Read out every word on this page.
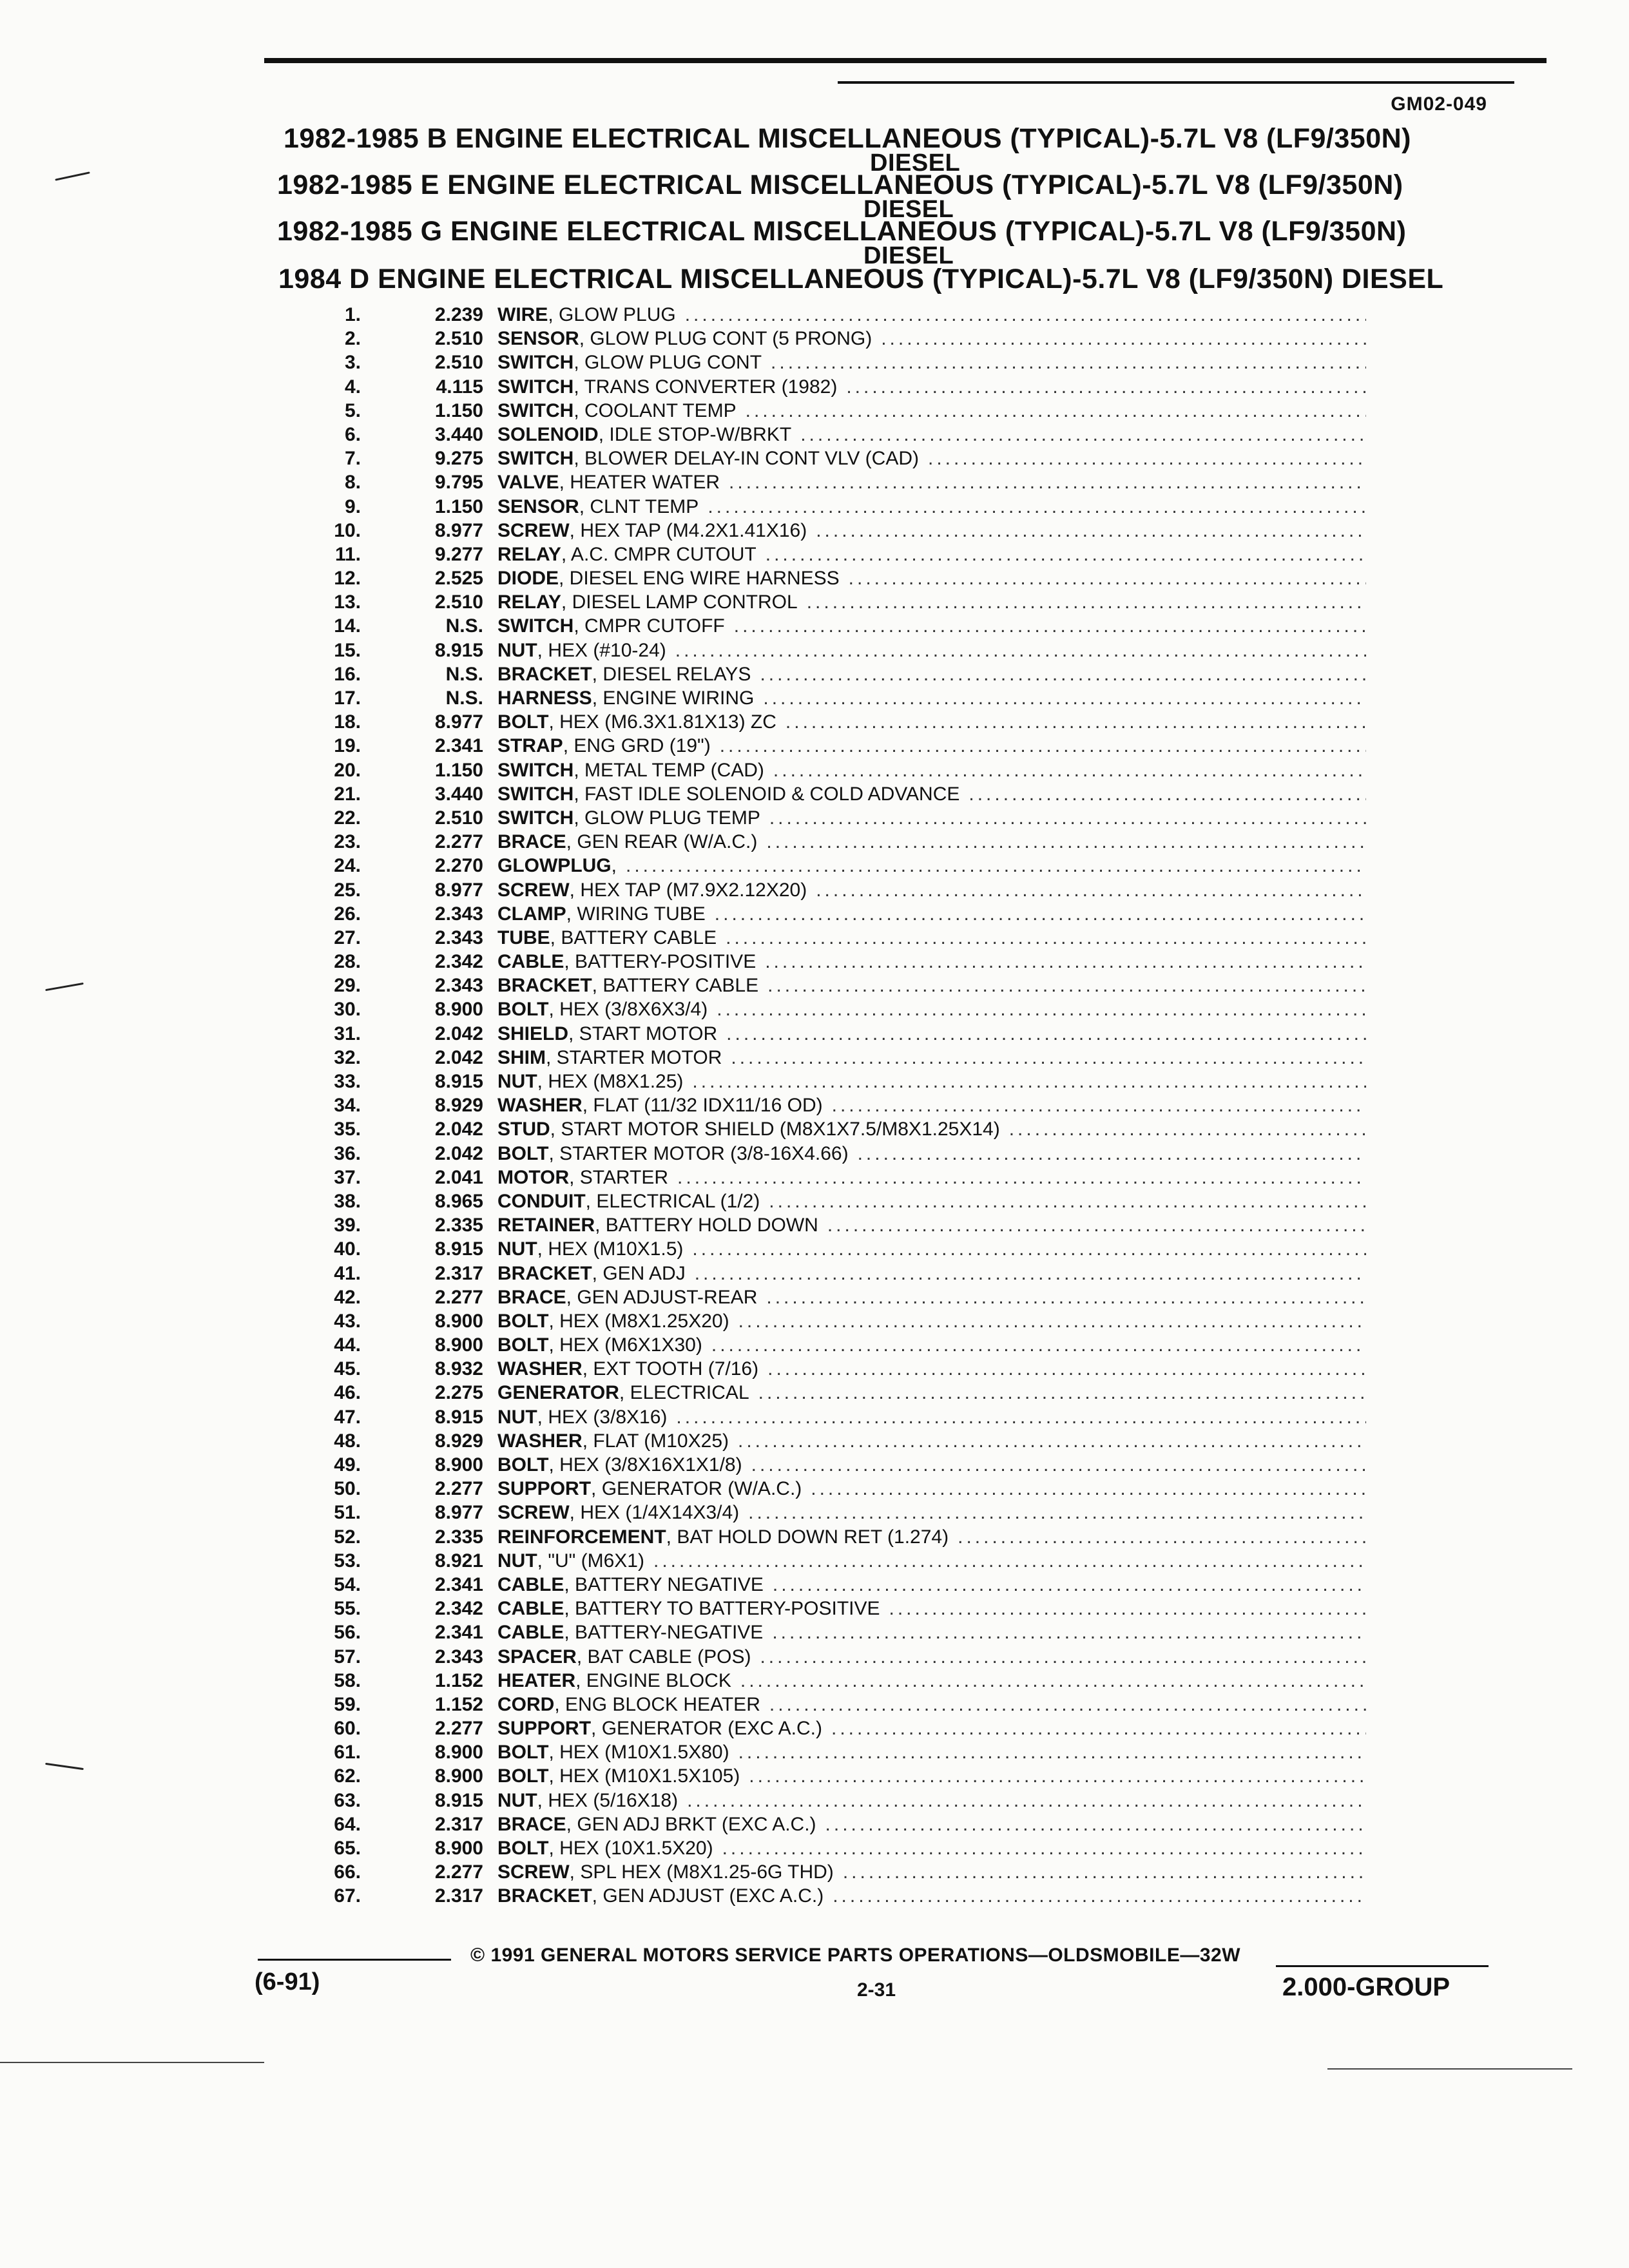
GM02-049
1982-1985 B ENGINE ELECTRICAL MISCELLANEOUS (TYPICAL)-5.7L V8 (LF9/350N)
DIESEL
1982-1985 E ENGINE ELECTRICAL MISCELLANEOUS (TYPICAL)-5.7L V8 (LF9/350N)
DIESEL
1982-1985 G ENGINE ELECTRICAL MISCELLANEOUS (TYPICAL)-5.7L V8 (LF9/350N)
DIESEL
1984 D ENGINE ELECTRICAL MISCELLANEOUS (TYPICAL)-5.7L V8 (LF9/350N) DIESEL
1.	2.239 WIRE , GLOW PLUG
.....
2.	2.510 SENSOR , GLOW PLUG CONT (5 PRONG)
.....
3.	2.510 SWITCH , GLOW PLUG CONT
.....
4.	4.115 SWITCH , TRANS CONVERTER (1982)
.....
5.	1.150 SWITCH , COOLANT TEMP
.....
6.	3.440 SOLENOID , IDLE STOP-W/BRKT
.....
7.	9.275 SWITCH , BLOWER DELAY-IN CONT VLV (CAD)
.....
8.	9.795 VALVE , HEATER WATER
.....
9.	1.150 SENSOR , CLNT TEMP
.....
10.	8.977 SCREW , HEX TAP (M4.2X1.41X16)
.....
11.	9.277 RELAY , A.C. CMPR CUTOUT
.....
12.	2.525 DIODE , DIESEL ENG WIRE HARNESS
.....
13.	2.510 RELAY , DIESEL LAMP CONTROL
.....
14.	N.S. SWITCH , CMPR CUTOFF
.....
15.	8.915 NUT , HEX (#10-24)
.....
16.	N.S. BRACKET , DIESEL RELAYS
.....
17.	N.S. HARNESS , ENGINE WIRING
.....
18.	8.977 BOLT , HEX (M6.3X1.81X13) ZC
.....
19.	2.341 STRAP , ENG GRD (19")
.....
20.	1.150 SWITCH , METAL TEMP (CAD)
.....
21.	3.440 SWITCH , FAST IDLE SOLENOID & COLD ADVANCE
.....
22.	2.510 SWITCH , GLOW PLUG TEMP
.....
23.	2.277 BRACE , GEN REAR (W/A.C.)
.....
24.	2.270 GLOWPLUG ,
.....
25.	8.977 SCREW , HEX TAP (M7.9X2.12X20)
.....
26.	2.343 CLAMP , WIRING TUBE
.....
27.	2.343 TUBE , BATTERY CABLE
.....
28.	2.342 CABLE , BATTERY-POSITIVE
.....
29.	2.343 BRACKET , BATTERY CABLE
.....
30.	8.900 BOLT , HEX (3/8X6X3/4)
.....
31.	2.042 SHIELD , START MOTOR
.....
32.	2.042 SHIM , STARTER MOTOR
.....
33.	8.915 NUT , HEX (M8X1.25)
.....
34.	8.929 WASHER , FLAT (11/32 IDX11/16 OD)
.....
35.	2.042 STUD , START MOTOR SHIELD (M8X1X7.5/M8X1.25X14)
.....
36.	2.042 BOLT , STARTER MOTOR (3/8-16X4.66)
.....
37.	2.041 MOTOR , STARTER
.....
38.	8.965 CONDUIT , ELECTRICAL (1/2)
.....
39.	2.335 RETAINER , BATTERY HOLD DOWN
.....
40.	8.915 NUT , HEX (M10X1.5)
.....
41.	2.317 BRACKET , GEN ADJ
.....
42.	2.277 BRACE , GEN ADJUST-REAR
.....
43.	8.900 BOLT , HEX (M8X1.25X20)
.....
44.	8.900 BOLT , HEX (M6X1X30)
.....
45.	8.932 WASHER , EXT TOOTH (7/16)
.....
46.	2.275 GENERATOR , ELECTRICAL
.....
47.	8.915 NUT , HEX (3/8X16)
.....
48.	8.929 WASHER , FLAT (M10X25)
.....
49.	8.900 BOLT , HEX (3/8X16X1X1/8)
.....
50.	2.277 SUPPORT , GENERATOR (W/A.C.)
.....
51.	8.977 SCREW , HEX (1/4X14X3/4)
.....
52.	2.335 REINFORCEMENT , BAT HOLD DOWN RET (1.274)
.....
53.	8.921 NUT , "U" (M6X1)
.....
54.	2.341 CABLE , BATTERY NEGATIVE
.....
55.	2.342 CABLE , BATTERY TO BATTERY-POSITIVE
.....
56.	2.341 CABLE , BATTERY-NEGATIVE
.....
57.	2.343 SPACER , BAT CABLE (POS)
.....
58.	1.152 HEATER , ENGINE BLOCK
.....
59.	1.152 CORD , ENG BLOCK HEATER
.....
60.	2.277 SUPPORT , GENERATOR (EXC A.C.)
.....
61.	8.900 BOLT , HEX (M10X1.5X80)
.....
62.	8.900 BOLT , HEX (M10X1.5X105)
.....
63.	8.915 NUT , HEX (5/16X18)
.....
64.	2.317 BRACE , GEN ADJ BRKT (EXC A.C.)
.....
65.	8.900 BOLT , HEX (10X1.5X20)
.....
66.	2.277 SCREW , SPL HEX (M8X1.25-6G THD)
.....
67.	2.317 BRACKET , GEN ADJUST (EXC A.C.)
.....
© 1991 GENERAL MOTORS SERVICE PARTS OPERATIONS—OLDSMOBILE—32W
(6-91)	2-31	2.000-GROUP
